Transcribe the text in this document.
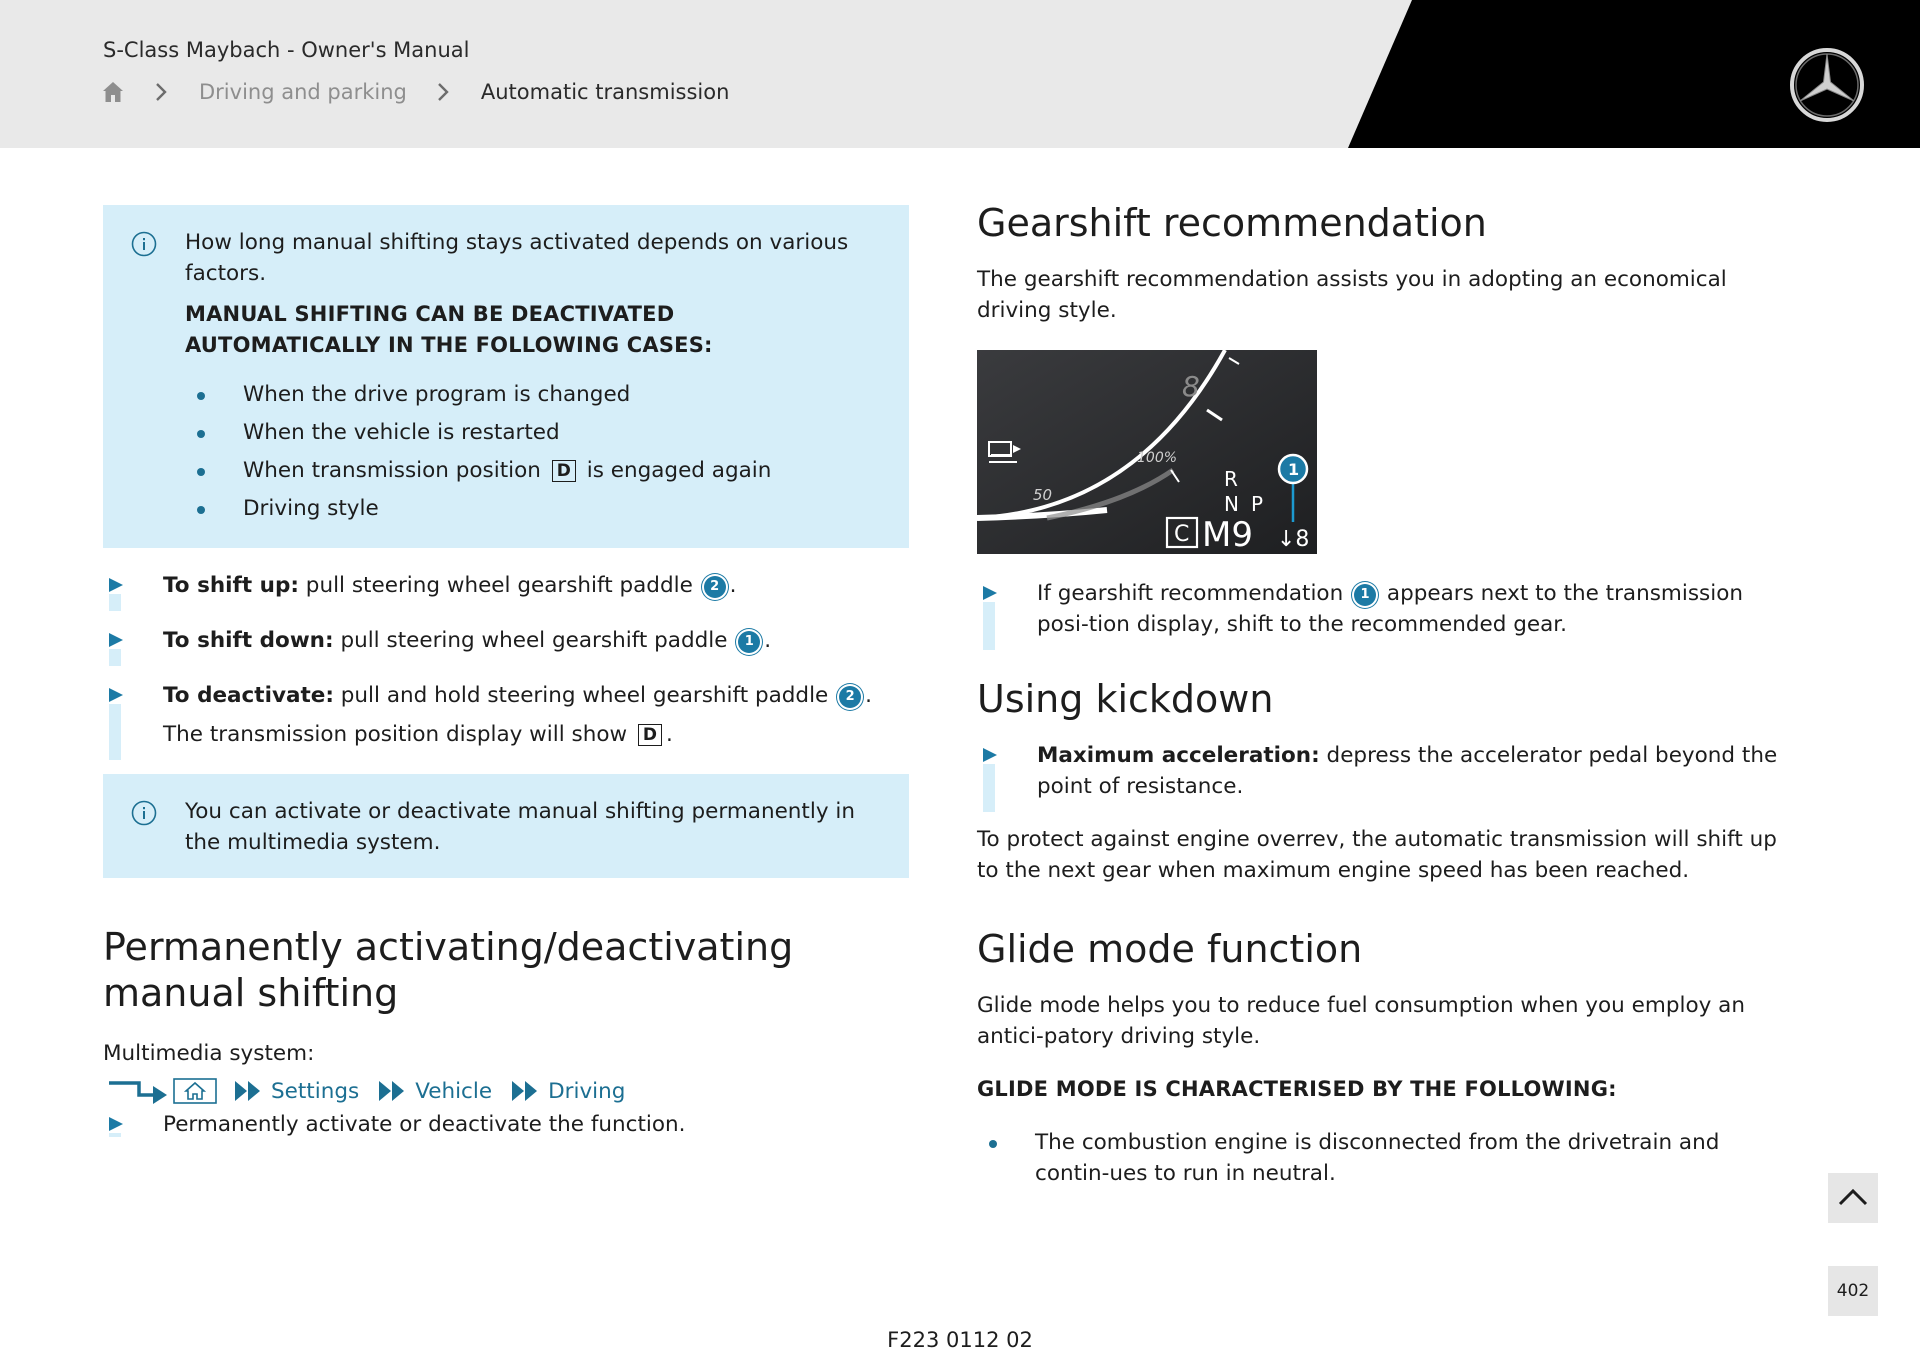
S-Class Maybach - Owner's Manual
Driving and parking	Automatic transmission

How long manual shifting stays activated depends on various factors.

MANUAL SHIFTING CAN BE DEACTIVATED AUTOMATICALLY IN THE FOLLOWING CASES:

When the drive program is changed
When the vehicle is restarted
When transmission position D is engaged again
Driving style
To shift up: pull steering wheel gearshift paddle 2 .
To shift down: pull steering wheel gearshift paddle 1 .
To deactivate: pull and hold steering wheel gearshift paddle 2 .
The transmission position display will show D .

You can activate or deactivate manual shifting permanently in the multimedia system.

Permanently activating/deactivating manual shifting

Multimedia system:

Settings	Vehicle	Driving
Permanently activate or deactivate the function.
Gearshift recommendation

The gearshift recommendation assists you in adopting an economical driving style.

8
100%
50
R
N P
C M9 ↓8
1
If gearshift recommendation 1 appears next to the transmission posi-tion display, shift to the recommended gear.
Using kickdown
Maximum acceleration: depress the accelerator pedal beyond the point of resistance.

To protect against engine overrev, the automatic transmission will shift up to the next gear when maximum engine speed has been reached.

Glide mode function

Glide mode helps you to reduce fuel consumption when you employ an antici-patory driving style.

GLIDE MODE IS CHARACTERISED BY THE FOLLOWING:

The combustion engine is disconnected from the drivetrain and contin-ues to run in neutral.
402
F223 0112 02
